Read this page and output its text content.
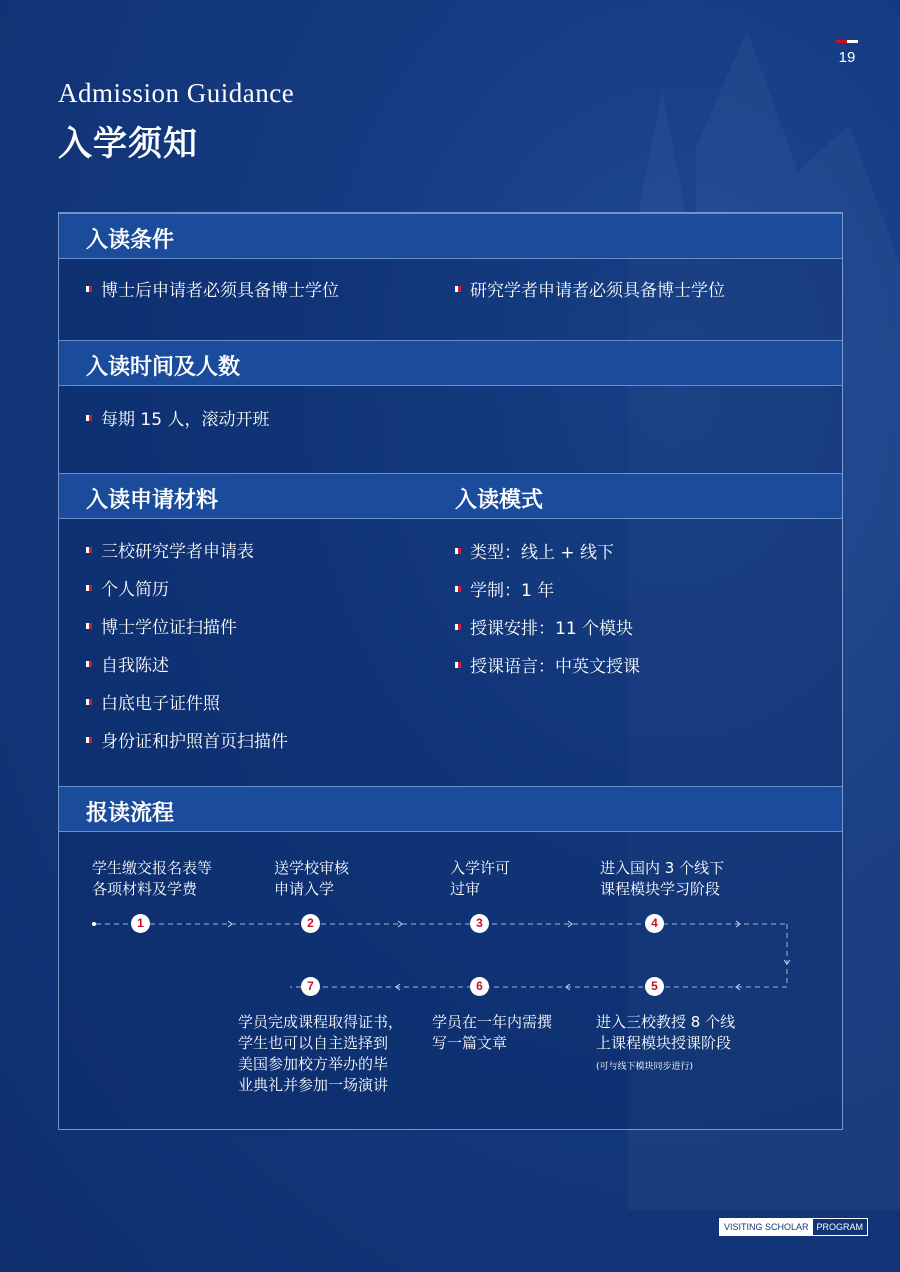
19
Admission Guidance
入学须知
入读条件
博士后申请者必须具备博士学位	研究学者申请者必须具备博士学位
入读时间及人数
每期 15 人，滚动开班
入读申请材料	入读模式
三校研究学者申请表
个人简历
博士学位证扫描件
自我陈述
白底电子证件照
身份证和护照首页扫描件
类型：线上 + 线下
学制：1 年
授课安排：11 个模块
授课语言：中英文授课
报读流程
1	2	3	4
5
6
7
学生缴交报名表等
各项材料及学费
送学校审核
申请入学
入学许可
过审
进入国内 3 个线下
课程模块学习阶段
进入三校教授 8 个线
上课程模块授课阶段
(可与线下模块同步进行)
学员在一年内需撰
写一篇文章
学员完成课程取得证书，
学生也可以自主选择到
美国参加校方举办的毕
业典礼并参加一场演讲
VISITING SCHOLAR PROGRAM
